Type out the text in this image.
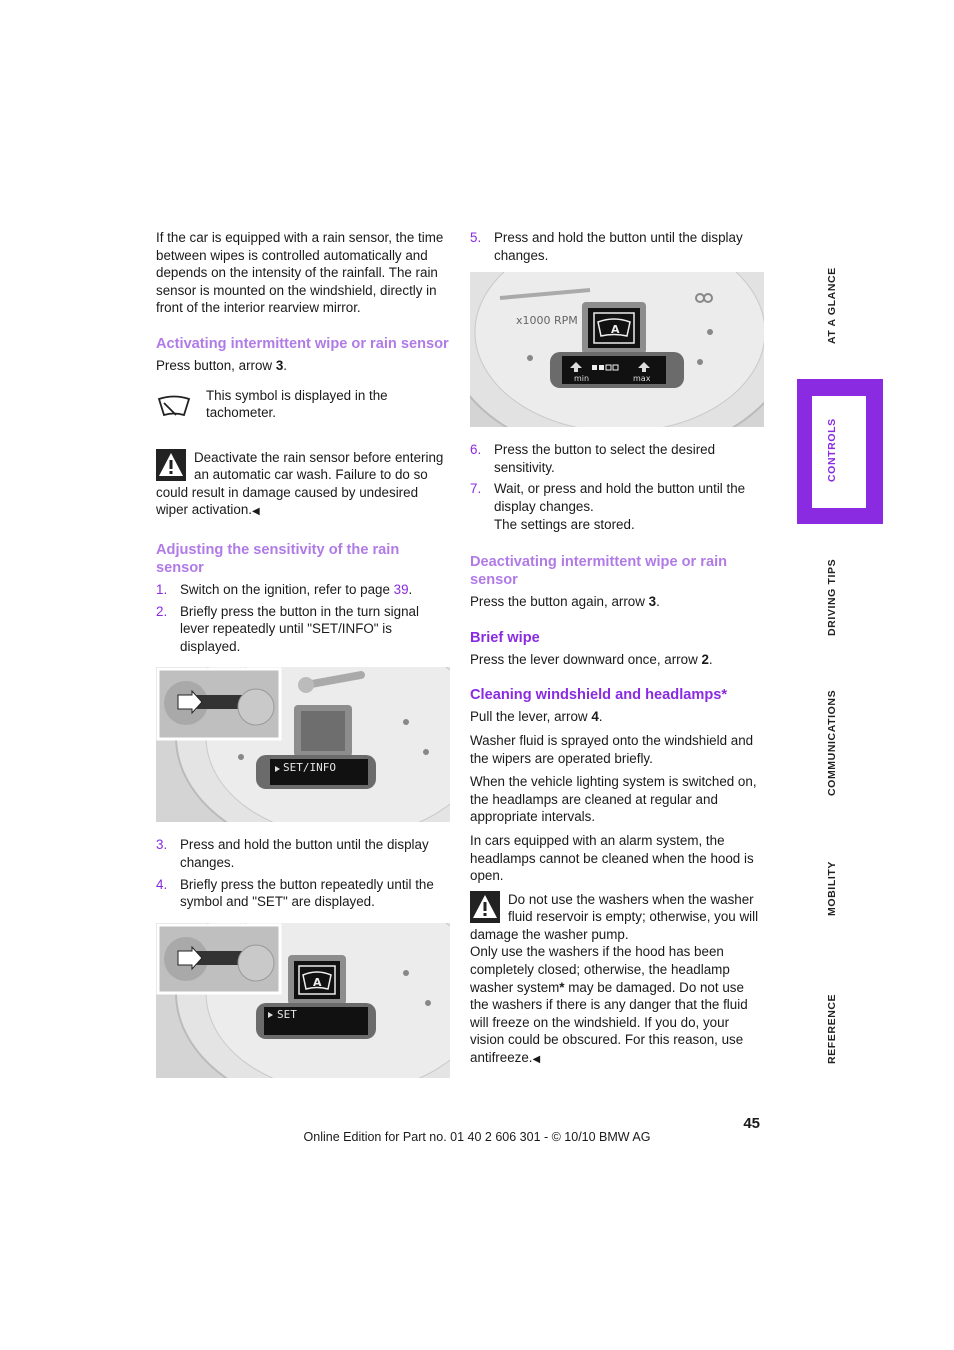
If the car is equipped with a rain sensor, the time between wipes is controlled automatically and depends on the intensity of the rainfall. The rain sensor is mounted on the windshield, directly in front of the interior rearview mirror.

Activating intermittent wipe or rain sensor

Press button, arrow 3.

This symbol is displayed in the tachometer.
Deactivate the rain sensor before entering an automatic car wash. Failure to do so could result in damage caused by undesired wiper activation.◀
Adjusting the sensitivity of the rain sensor
1. Switch on the ignition, refer to page 39.
2. Briefly press the button in the turn signal lever repeatedly until "SET/INFO" is displayed.
SET/INFO
3. Press and hold the button until the display changes.
4. Briefly press the button repeatedly until the symbol and "SET" are displayed.
A
SET
5. Press and hold the button until the display changes.
x1000 RPM
A
min	max
6. Press the button to select the desired sensitivity.
7. Wait, or press and hold the button until the display changes.
The settings are stored.
Deactivating intermittent wipe or rain sensor

Press the button again, arrow 3.

Brief wipe

Press the lever downward once, arrow 2.

Cleaning windshield and headlamps*

Pull the lever, arrow 4.

Washer fluid is sprayed onto the windshield and the wipers are operated briefly.

When the vehicle lighting system is switched on, the headlamps are cleaned at regular and appropriate intervals.

In cars equipped with an alarm system, the headlamps cannot be cleaned when the hood is open.

Do not use the washers when the washer fluid reservoir is empty; otherwise, you will damage the washer pump.
Only use the washers if the hood has been completely closed; otherwise, the headlamp washer system* may be damaged. Do not use the washers if there is any danger that the fluid will freeze on the windshield. If you do, your vision could be obscured. For this reason, use antifreeze.◀
AT A GLANCE
CONTROLS
DRIVING TIPS
COMMUNICATIONS
MOBILITY
REFERENCE
45
Online Edition for Part no. 01 40 2 606 301 - © 10/10 BMW AG
